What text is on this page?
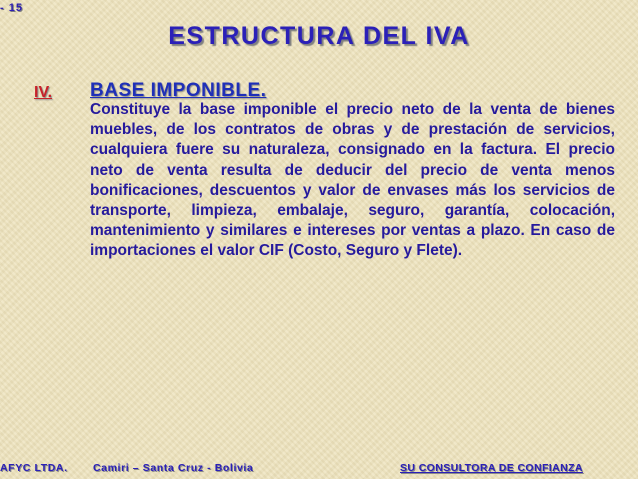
- 15
ESTRUCTURA DEL IVA
IV. BASE IMPONIBLE.
Constituye la base imponible el precio neto de la venta de bienes muebles, de los contratos de obras y de prestación de servicios, cualquiera fuere su naturaleza, consignado en la factura. El precio neto de venta resulta de deducir del precio de venta menos bonificaciones, descuentos y valor de envases más los servicios de transporte, limpieza, embalaje, seguro, garantía, colocación, mantenimiento y similares e intereses por ventas a plazo. En caso de importaciones el valor CIF (Costo, Seguro y Flete).
AFYC LTDA. Camiri – Santa Cruz - Bolivia	SU CONSULTORA DE CONFIANZA
